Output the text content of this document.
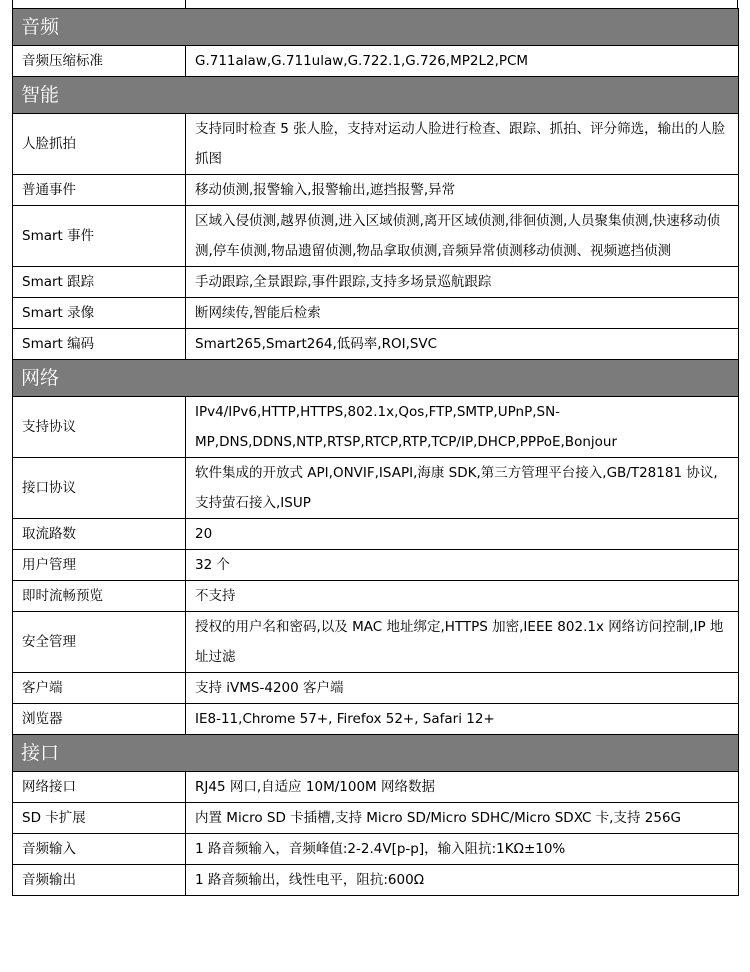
音频	
音频压缩标准	G.711alaw,G.711ulaw,G.722.1,G.726,MP2L2,PCM
智能	
人脸抓拍	支持同时检查 5 张人脸，支持对运动人脸进行检查、跟踪、抓拍、评分筛选，输出的人脸抓图
普通事件	移动侦测,报警输入,报警输出,遮挡报警,异常
Smart 事件	区域入侵侦测,越界侦测,进入区域侦测,离开区域侦测,徘徊侦测,人员聚集侦测,快速移动侦测,停车侦测,物品遗留侦测,物品拿取侦测,音频异常侦测移动侦测、视频遮挡侦测
Smart 跟踪	手动跟踪,全景跟踪,事件跟踪,支持多场景巡航跟踪
Smart 录像	断网续传,智能后检索
Smart 编码	Smart265,Smart264,低码率,ROI,SVC
网络	
支持协议	IPv4/IPv6,HTTP,HTTPS,802.1x,Qos,FTP,SMTP,UPnP,SN-MP,DNS,DDNS,NTP,RTSP,RTCP,RTP,TCP/IP,DHCP,PPPoE,Bonjour
接口协议	软件集成的开放式 API,ONVIF,ISAPI,海康 SDK,第三方管理平台接入,GB/T28181 协议,支持萤石接入,ISUP
取流路数	20
用户管理	32 个
即时流畅预览	不支持
安全管理	授权的用户名和密码,以及 MAC 地址绑定,HTTPS 加密,IEEE 802.1x 网络访问控制,IP 地址过滤
客户端	支持 iVMS-4200 客户端
浏览器	IE8-11,Chrome 57+, Firefox 52+, Safari 12+
接口	
网络接口	RJ45 网口,自适应 10M/100M 网络数据
SD 卡扩展	内置 Micro SD 卡插槽,支持 Micro SD/Micro SDHC/Micro SDXC 卡,支持 256G
音频输入	1 路音频输入，音频峰值:2-2.4V[p-p]，输入阻抗:1KΩ±10%
音频输出	1 路音频输出，线性电平，阻抗:600Ω
